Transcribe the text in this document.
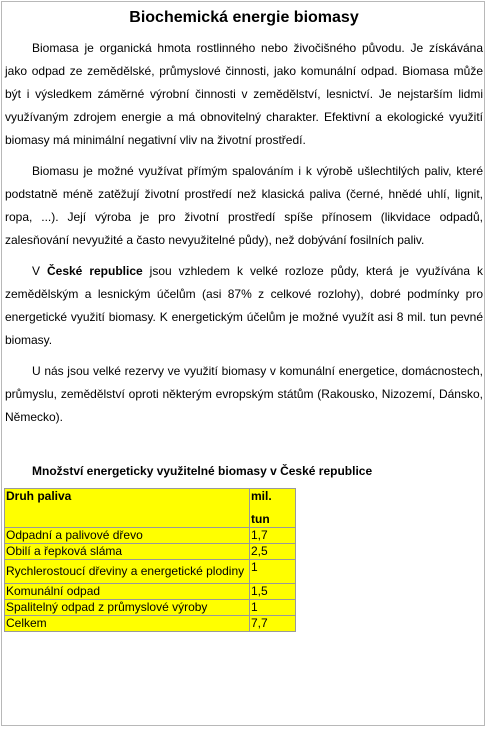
Biochemická energie biomasy

Biomasa je organická hmota rostlinného nebo živočišného původu. Je získávána jako odpad ze zemědělské, průmyslové činnosti, jako komunální odpad. Biomasa může být i výsledkem záměrné výrobní činnosti v zemědělství, lesnictví. Je nejstarším lidmi využívaným zdrojem energie a má obnovitelný charakter. Efektivní a ekologické využití biomasy má minimální negativní vliv na životní prostředí.

Biomasu je možné využívat přímým spalováním i k výrobě ušlechtilých paliv, které podstatně méně zatěžují životní prostředí než klasická paliva (černé, hnědé uhlí, lignit, ropa, ...). Její výroba je pro životní prostředí spíše přínosem (likvidace odpadů, zalesňování nevyužité a často nevyužitelné půdy), než dobývání fosilních paliv.

V České republice jsou vzhledem k velké rozloze půdy, která je využívána k zemědělským a lesnickým účelům (asi 87% z celkové rozlohy), dobré podmínky pro energetické využití biomasy. K energetickým účelům je možné využít asi 8 mil. tun pevné biomasy.

U nás jsou velké rezervy ve využití biomasy v komunální energetice, domácnostech, průmyslu, zemědělství oproti některým evropským státům (Rakousko, Nizozemí, Dánsko, Německo).

Množství energeticky využitelné biomasy v České republice
Druh paliva	mil.
tun
Odpadní a palivové dřevo	1,7
Obilí a řepková sláma	2,5
Rychlerostoucí dřeviny a energetické plodiny	1
Komunální odpad	1,5
Spalitelný odpad z průmyslové výroby	1
Celkem	7,7
